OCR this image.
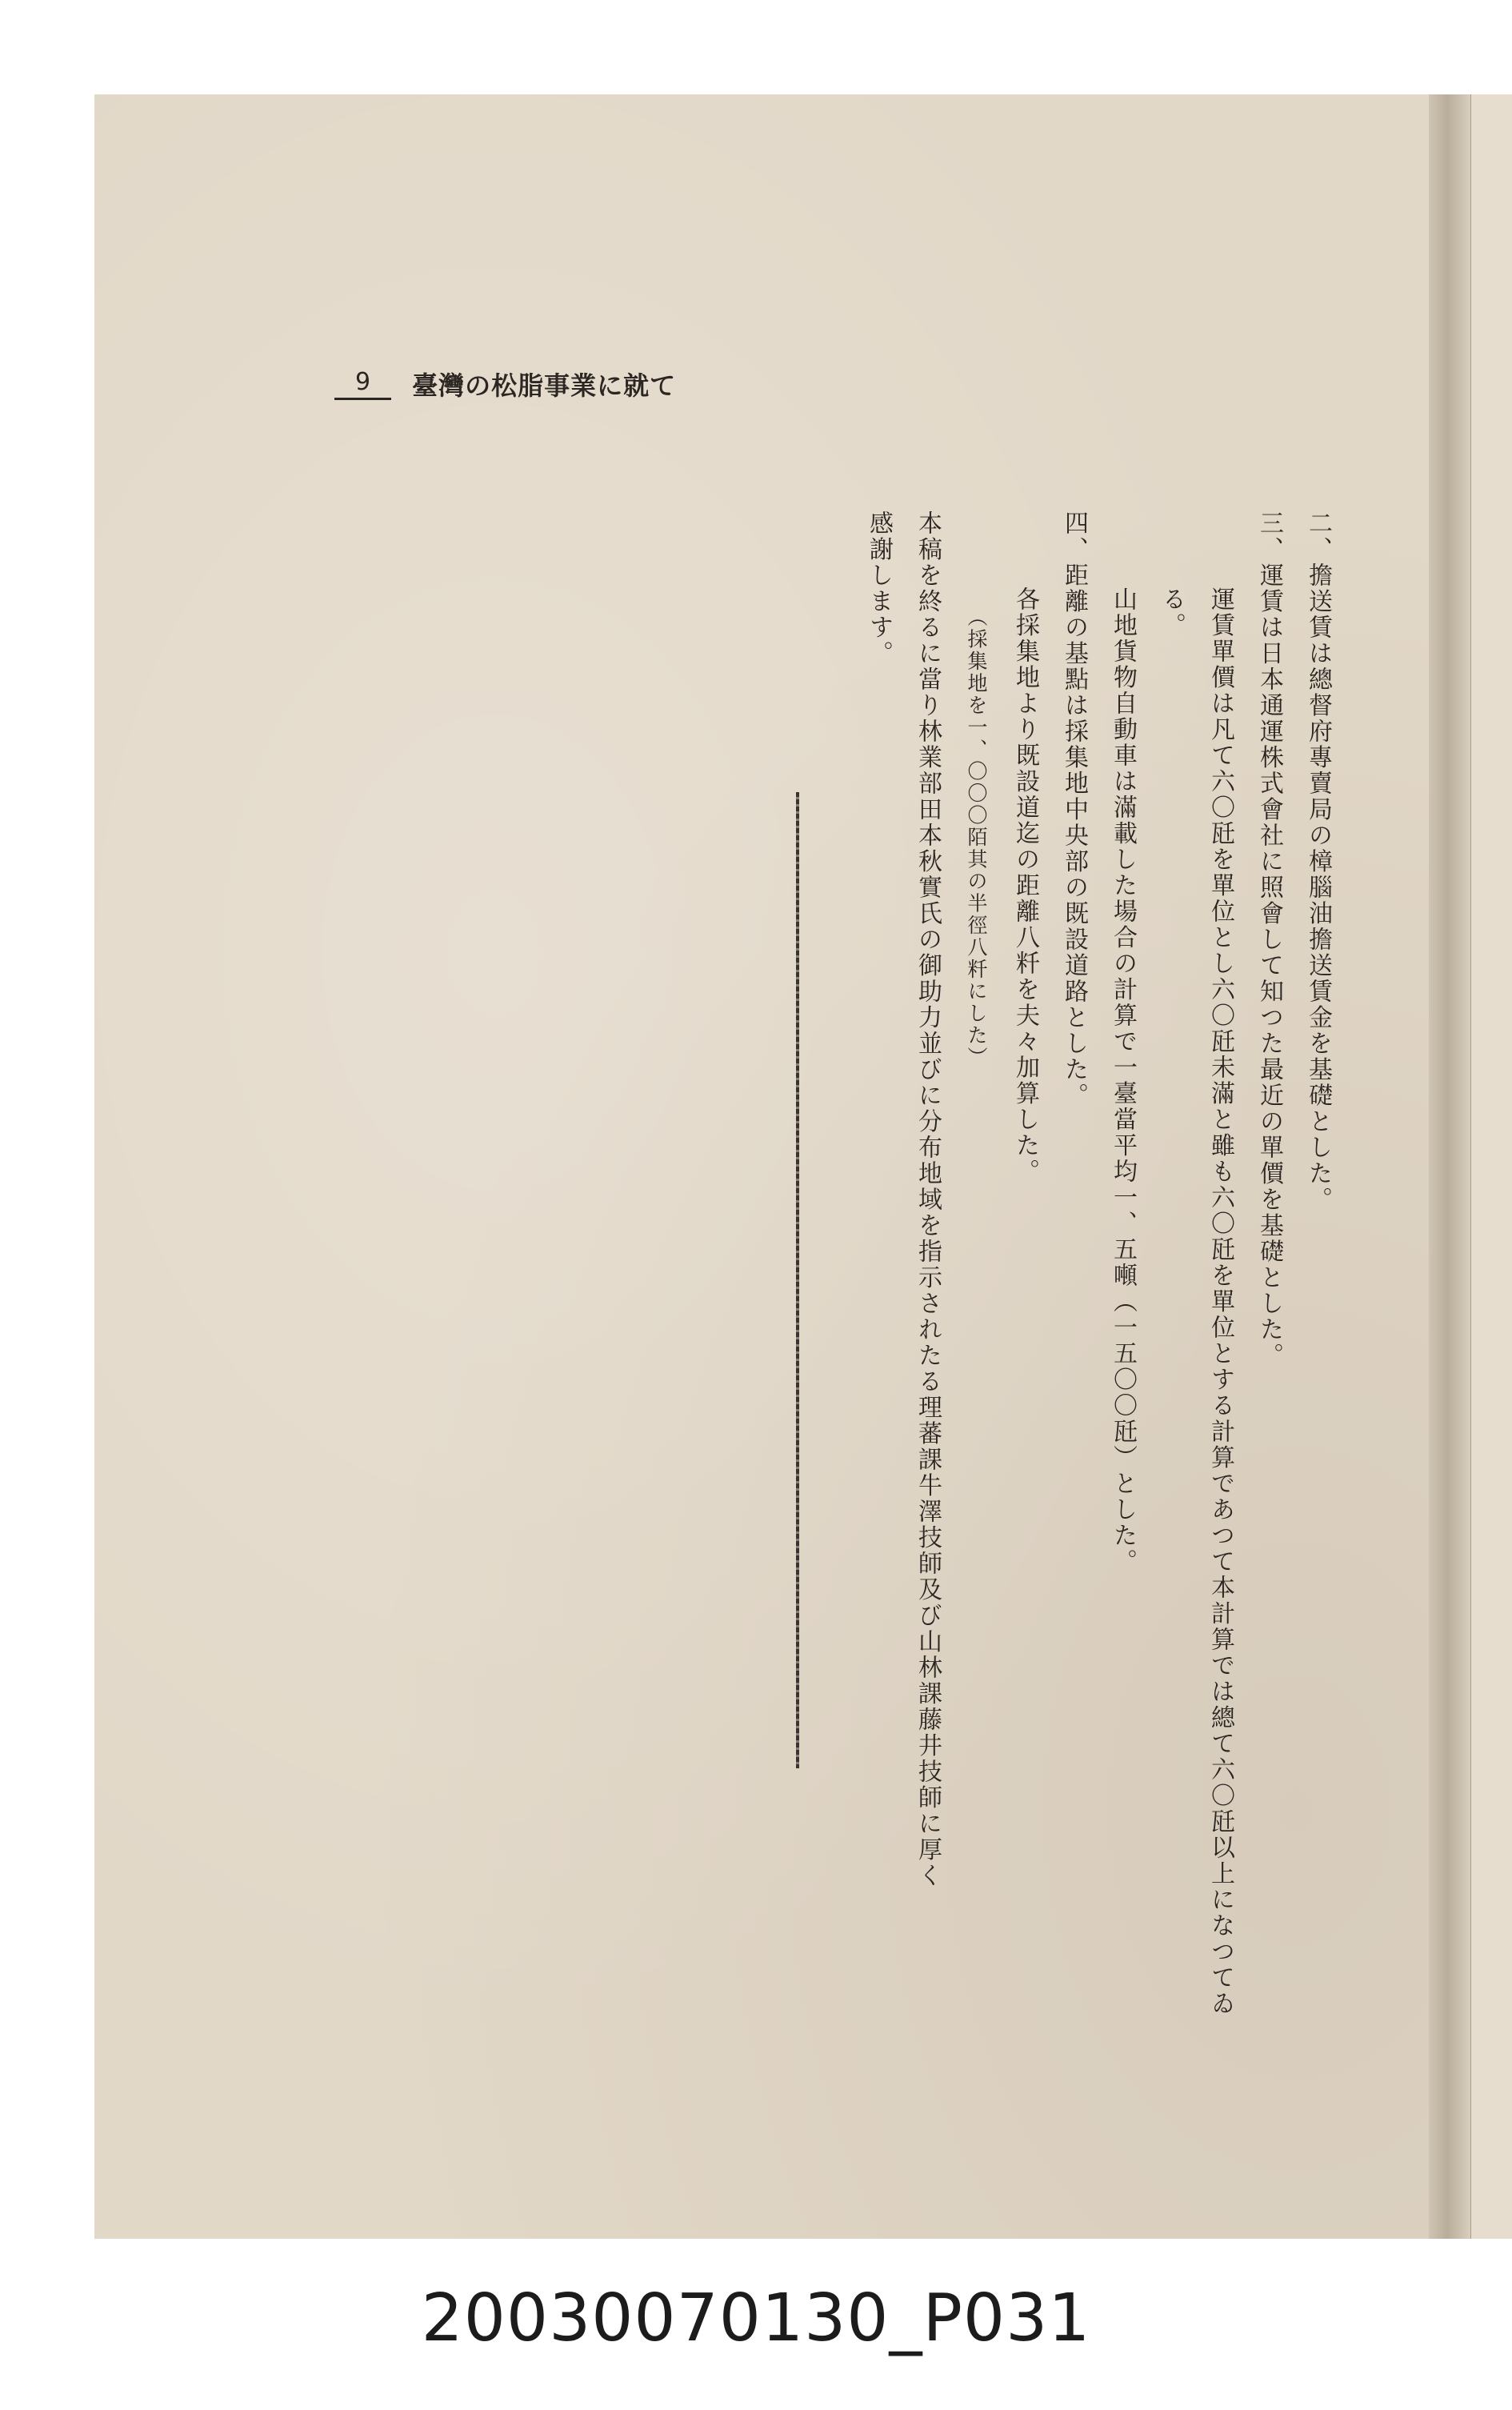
9	臺灣の松脂事業に就て

二、擔送賃は總督府專賣局の樟腦油擔送賃金を基礎とした。

三、運賃は日本通運株式會社に照會して知つた最近の單價を基礎とした。

運賃單價は凡て六〇瓩を單位とし六〇瓩未滿と雖も六〇瓩を單位とする計算であつて本計算では總て六〇瓩以上になつてゐる。

山地貨物自動車は滿載した場合の計算で一臺當平均一、五噸（一五〇〇瓩）とした。

四、距離の基點は採集地中央部の既設道路とした。

各採集地より既設道迄の距離八粁を夫々加算した。

（採集地を一、〇〇〇陌其の半徑八粁にした）

本稿を終るに當り林業部田本秋實氏の御助力並びに分布地域を指示されたる理蕃課牛澤技師及び山林課藤井技師に厚く

感謝します。

20030070130_P031
